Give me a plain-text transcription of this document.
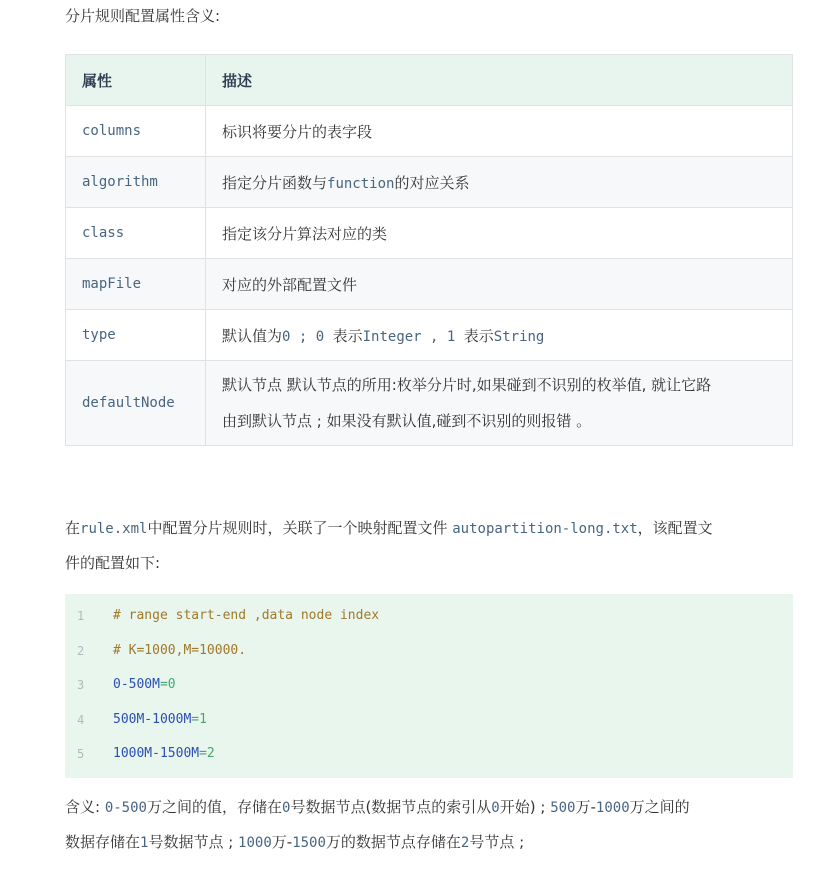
分片规则配置属性含义:
属性	描述
columns	标识将要分片的表字段
algorithm	指定分片函数与function的对应关系
class	指定该分片算法对应的类
mapFile	对应的外部配置文件
type	默认值为0 ; 0 表示Integer , 1 表示String
defaultNode	默认节点 默认节点的所用:枚举分片时,如果碰到不识别的枚举值, 就让它路
由到默认节点 ; 如果没有默认值,碰到不识别的则报错 。
在rule.xml中配置分片规则时，关联了一个映射配置文件 autopartition-long.txt，该配置文
件的配置如下:
1	# range start-end ,data node index
2	# K=1000,M=10000.
3	0-500M=0
4	500M-1000M=1
5	1000M-1500M=2
含义: 0-500万之间的值，存储在0号数据节点(数据节点的索引从0开始) ; 500万-1000万之间的
数据存储在1号数据节点 ; 1000万-1500万的数据节点存储在2号节点 ;
